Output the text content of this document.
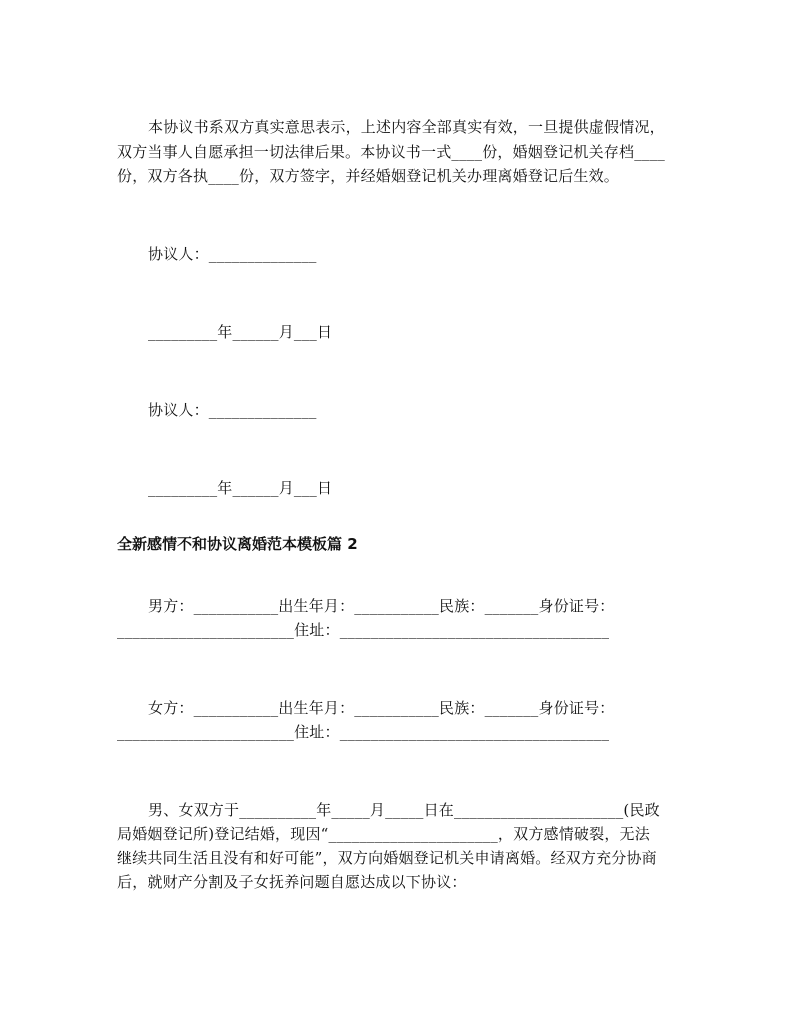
本协议书系双方真实意思表示，上述内容全部真实有效，一旦提供虚假情况，
双方当事人自愿承担一切法律后果。本协议书一式____份，婚姻登记机关存档____
份，双方各执____份，双方签字，并经婚姻登记机关办理离婚登记后生效。
协议人：______________
_________年______月___日
协议人：______________
_________年______月___日
全新感情不和协议离婚范本模板篇 2
男方：___________出生年月：___________民族：_______身份证号：
_______________________住址：___________________________________
女方：___________出生年月：___________民族：_______身份证号：
_______________________住址：___________________________________
男、女双方于__________年_____月_____日在______________________(民政
局婚姻登记所)登记结婚，现因“______________________，双方感情破裂，无法
继续共同生活且没有和好可能”，双方向婚姻登记机关申请离婚。经双方充分协商
后，就财产分割及子女抚养问题自愿达成以下协议：
